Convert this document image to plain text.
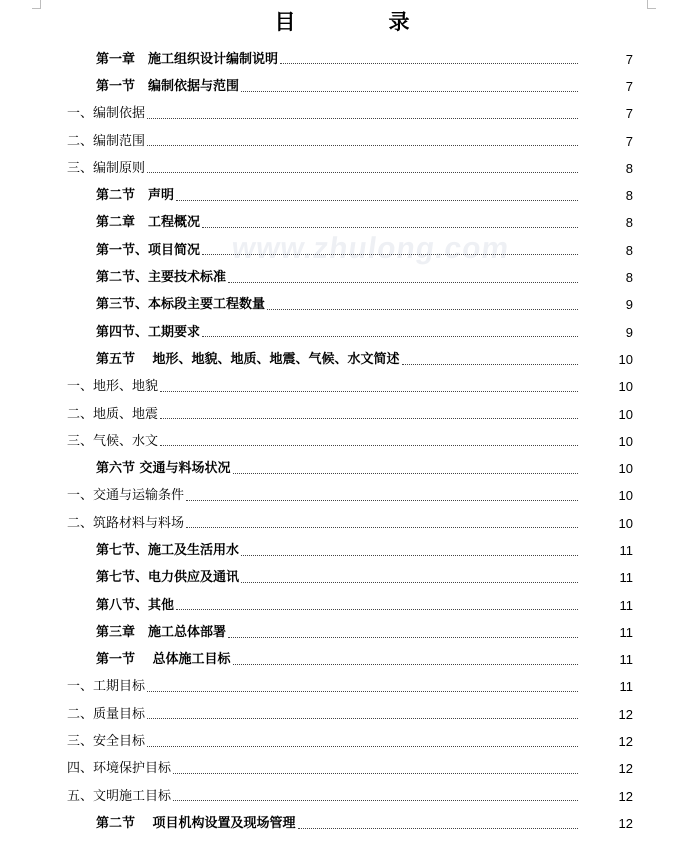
目　录
www.zhulong.com
第一章　施工组织设计编制说明	7
第一节　编制依据与范围	7
一、编制依据	7
二、编制范围	7
三、编制原则	8
第二节　声明	8
第二章　工程概况	8
第一节、项目简况	8
第二节、主要技术标准	8
第三节、本标段主要工程数量	9
第四节、工期要求	9
第五节　 地形、地貌、地质、地震、气候、水文简述	10
一、地形、地貌	10
二、地质、地震	10
三、气候、水文	10
第六节 交通与料场状况	10
一、交通与运输条件	10
二、筑路材料与料场	10
第七节、施工及生活用水	11
第七节、电力供应及通讯	11
第八节、其他	11
第三章　施工总体部署	11
第一节　 总体施工目标	11
一、工期目标	11
二、质量目标	12
三、安全目标	12
四、环境保护目标	12
五、文明施工目标	12
第二节　 项目机构设置及现场管理	12
